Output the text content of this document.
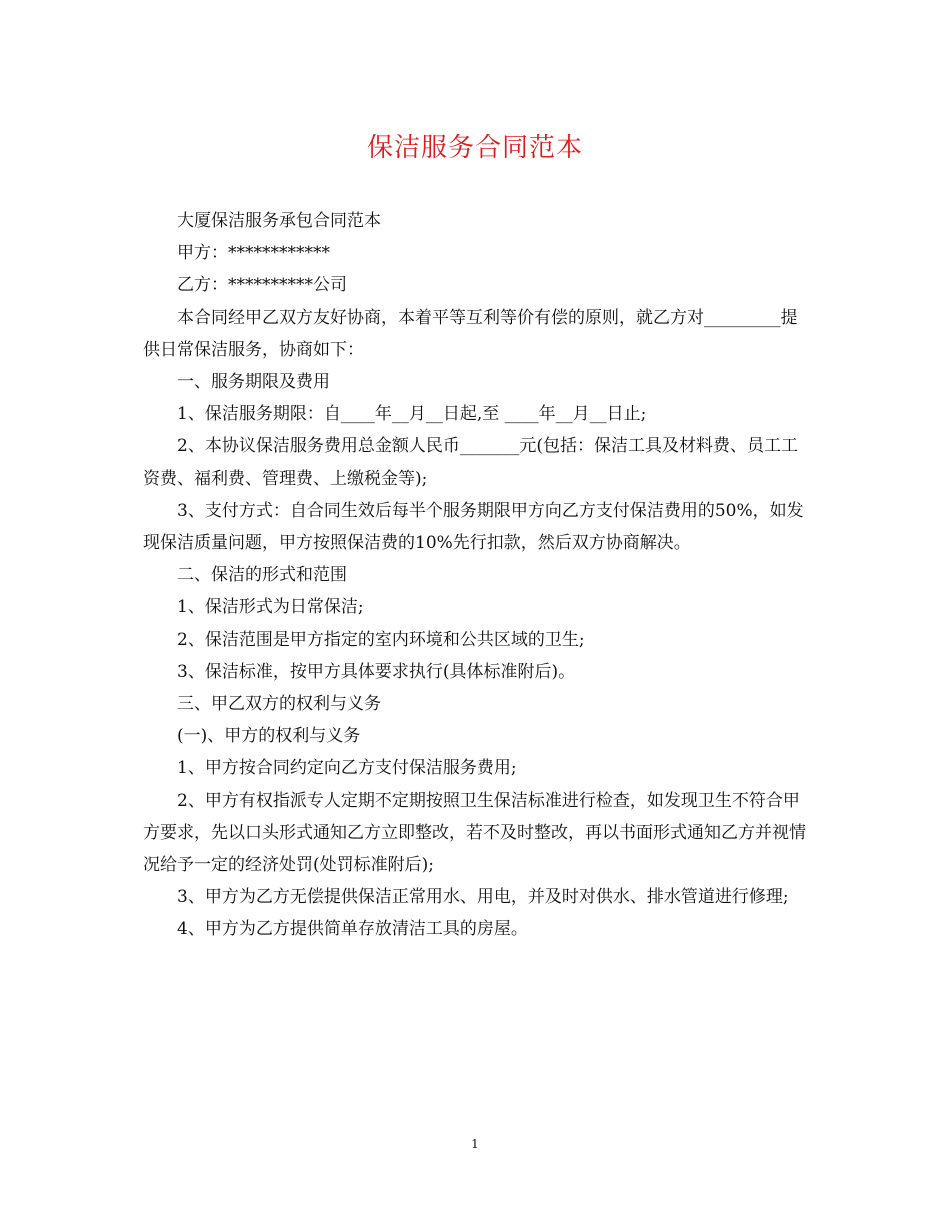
保洁服务合同范本

大厦保洁服务承包合同范本

甲方：************

乙方：**********公司

本合同经甲乙双方友好协商，本着平等互利等价有偿的原则，就乙方对_________提供日常保洁服务，协商如下：

一、服务期限及费用

1、保洁服务期限：自____年__月__日起,至 ____年__月__日止;

2、本协议保洁服务费用总金额人民币_______元(包括：保洁工具及材料费、员工工资费、福利费、管理费、上缴税金等);

3、支付方式：自合同生效后每半个服务期限甲方向乙方支付保洁费用的50%，如发现保洁质量问题，甲方按照保洁费的10%先行扣款，然后双方协商解决。

二、保洁的形式和范围

1、保洁形式为日常保洁;

2、保洁范围是甲方指定的室内环境和公共区域的卫生;

3、保洁标准，按甲方具体要求执行(具体标准附后)。

三、甲乙双方的权利与义务

(一)、甲方的权利与义务

1、甲方按合同约定向乙方支付保洁服务费用;

2、甲方有权指派专人定期不定期按照卫生保洁标准进行检查，如发现卫生不符合甲方要求，先以口头形式通知乙方立即整改，若不及时整改，再以书面形式通知乙方并视情况给予一定的经济处罚(处罚标准附后);

3、甲方为乙方无偿提供保洁正常用水、用电，并及时对供水、排水管道进行修理;

4、甲方为乙方提供简单存放清洁工具的房屋。

1
